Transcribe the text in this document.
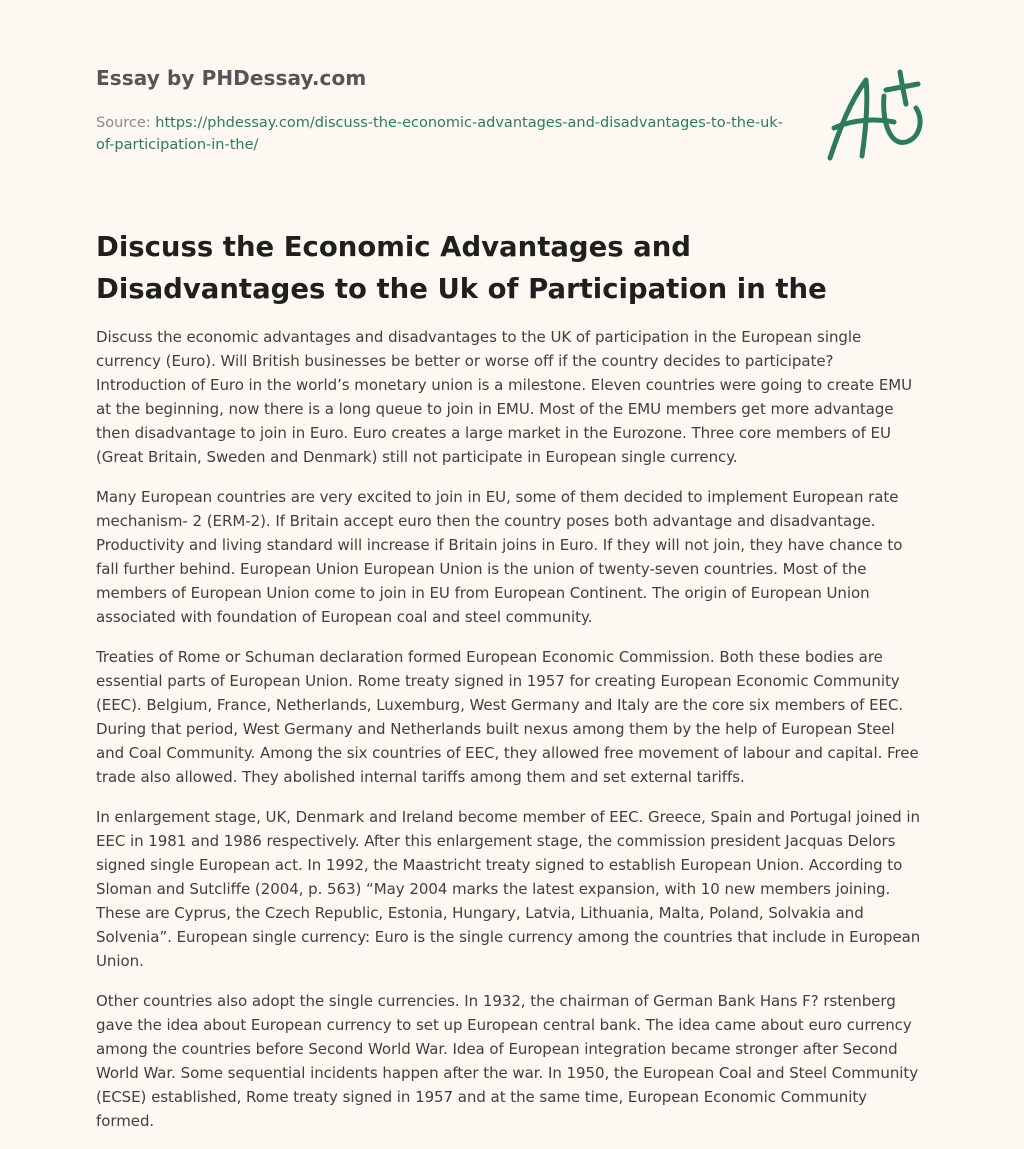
Essay by PHDessay.com
Source: https://phdessay.com/discuss-the-economic-advantages-and-disadvantages-to-the-uk-of-participation-in-the/
Discuss the Economic Advantages and Disadvantages to the Uk of Participation in the

Discuss the economic advantages and disadvantages to the UK of participation in the European single currency (Euro). Will British businesses be better or worse off if the country decides to participate? Introduction of Euro in the world’s monetary union is a milestone. Eleven countries were going to create EMU at the beginning, now there is a long queue to join in EMU. Most of the EMU members get more advantage then disadvantage to join in Euro. Euro creates a large market in the Eurozone. Three core members of EU (Great Britain, Sweden and Denmark) still not participate in European single currency.

Many European countries are very excited to join in EU, some of them decided to implement European rate mechanism- 2 (ERM-2). If Britain accept euro then the country poses both advantage and disadvantage. Productivity and living standard will increase if Britain joins in Euro. If they will not join, they have chance to fall further behind. European Union European Union is the union of twenty-seven countries. Most of the members of European Union come to join in EU from European Continent. The origin of European Union associated with foundation of European coal and steel community.

Treaties of Rome or Schuman declaration formed European Economic Commission. Both these bodies are essential parts of European Union. Rome treaty signed in 1957 for creating European Economic Community (EEC). Belgium, France, Netherlands, Luxemburg, West Germany and Italy are the core six members of EEC. During that period, West Germany and Netherlands built nexus among them by the help of European Steel and Coal Community. Among the six countries of EEC, they allowed free movement of labour and capital. Free trade also allowed. They abolished internal tariffs among them and set external tariffs.

In enlargement stage, UK, Denmark and Ireland become member of EEC. Greece, Spain and Portugal joined in EEC in 1981 and 1986 respectively. After this enlargement stage, the commission president Jacquas Delors signed single European act. In 1992, the Maastricht treaty signed to establish European Union. According to Sloman and Sutcliffe (2004, p. 563) “May 2004 marks the latest expansion, with 10 new members joining. These are Cyprus, the Czech Republic, Estonia, Hungary, Latvia, Lithuania, Malta, Poland, Solvakia and Solvenia”. European single currency: Euro is the single currency among the countries that include in European Union.

Other countries also adopt the single currencies. In 1932, the chairman of German Bank Hans F? rstenberg gave the idea about European currency to set up European central bank. The idea came about euro currency among the countries before Second World War. Idea of European integration became stronger after Second World War. Some sequential incidents happen after the war. In 1950, the European Coal and Steel Community (ECSE) established, Rome treaty signed in 1957 and at the same time, European Economic Community formed.
